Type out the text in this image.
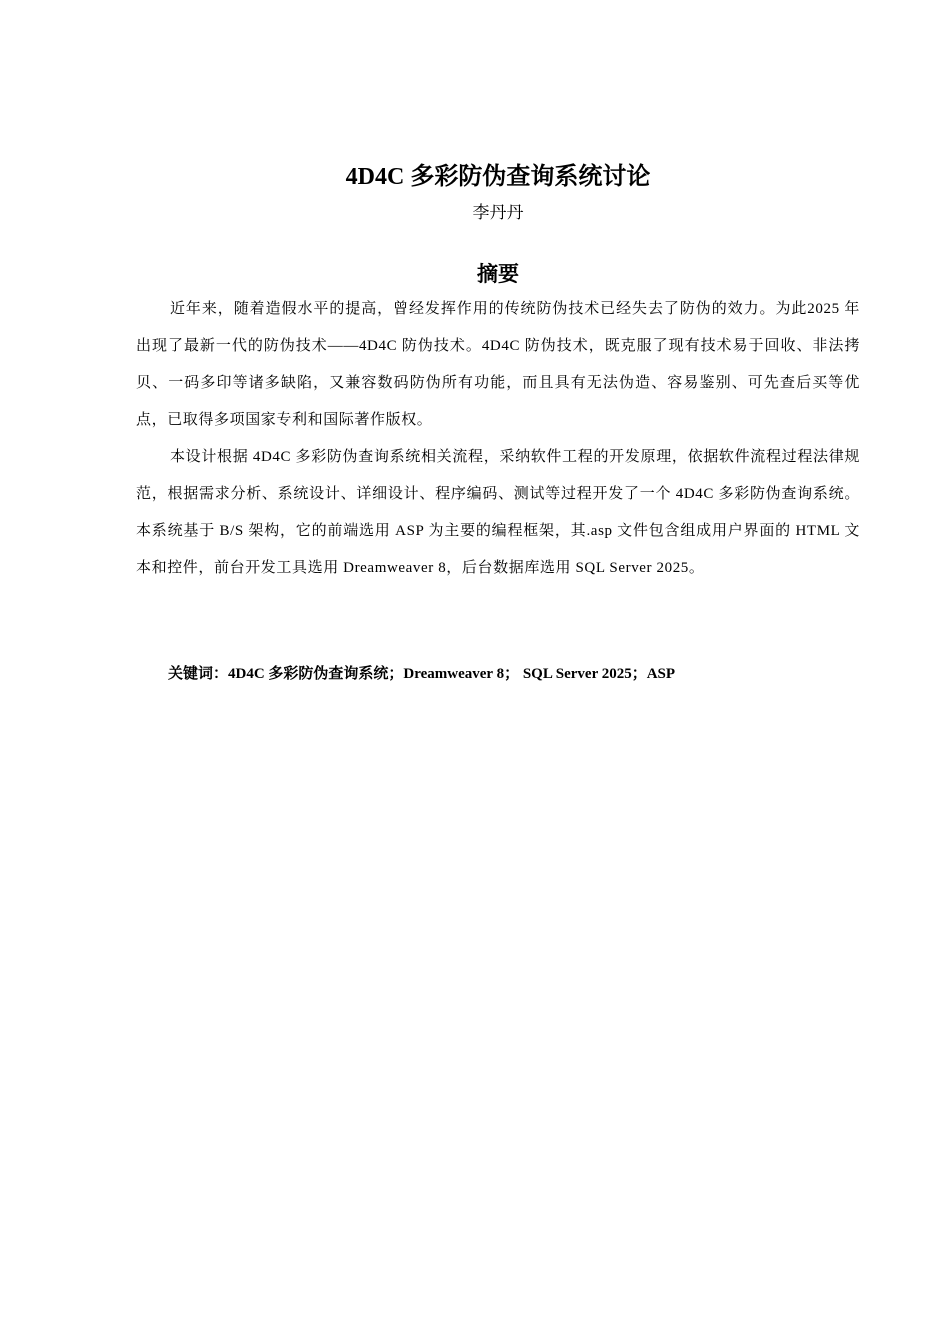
4D4C 多彩防伪查询系统讨论
李丹丹
摘要

近年来，随着造假水平的提高，曾经发挥作用的传统防伪技术已经失去了防伪的效力。为此2025 年出现了最新一代的防伪技术——4D4C 防伪技术。4D4C 防伪技术，既克服了现有技术易于回收、非法拷贝、一码多印等诸多缺陷，又兼容数码防伪所有功能，而且具有无法伪造、容易鉴别、可先查后买等优点，已取得多项国家专利和国际著作版权。

本设计根据 4D4C 多彩防伪查询系统相关流程，采纳软件工程的开发原理，依据软件流程过程法律规范，根据需求分析、系统设计、详细设计、程序编码、测试等过程开发了一个 4D4C 多彩防伪查询系统。本系统基于 B/S 架构，它的前端选用 ASP 为主要的编程框架，其.asp 文件包含组成用户界面的 HTML 文本和控件，前台开发工具选用 Dreamweaver 8，后台数据库选用 SQL Server 2025。

关键词：4D4C 多彩防伪查询系统；Dreamweaver 8； SQL Server 2025；ASP
